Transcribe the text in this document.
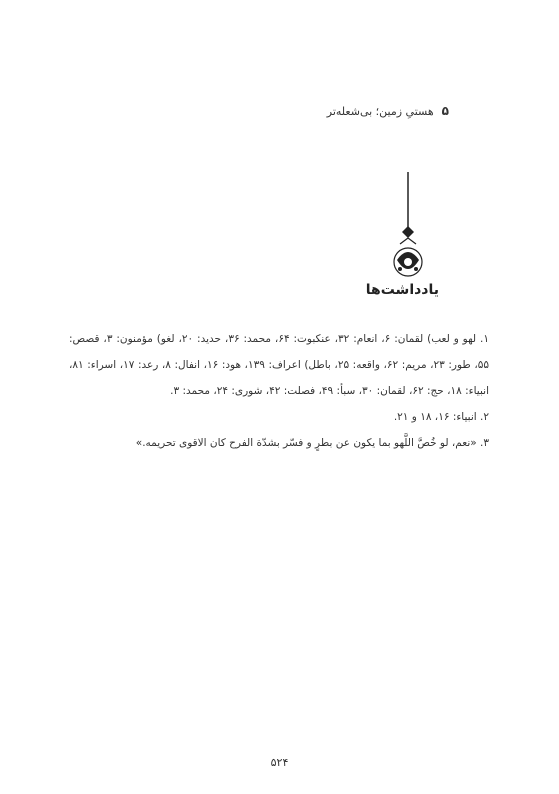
۵
هستیِ زمین؛ بی‌شعله‌تر
یادداشت‌ها

۱. لهو و لعب) لقمان: ۶، انعام: ۳۲، عنکبوت: ۶۴، محمد: ۳۶، حدید: ۲۰، لغو) مؤمنون: ۳، قصص: ۵۵، طور: ۲۳، مریم: ۶۲، واقعه: ۲۵، باطل) اعراف: ۱۳۹، هود: ۱۶، انفال: ۸، رعد: ۱۷، اسراء: ۸۱، انبیاء: ۱۸، حج: ۶۲، لقمان: ۳۰، سبأ: ۴۹، فصلت: ۴۲، شوری: ۲۴، محمد: ۳.

۲. انبیاء: ۱۶، ۱۸ و ۲۱.

۳. «نعم، لو خُصَّ اللَّهو بما یکون عن بطرٍ و فسّر بشدّة الفرح کان الاقوی تحریمه.»

۵۲۴
